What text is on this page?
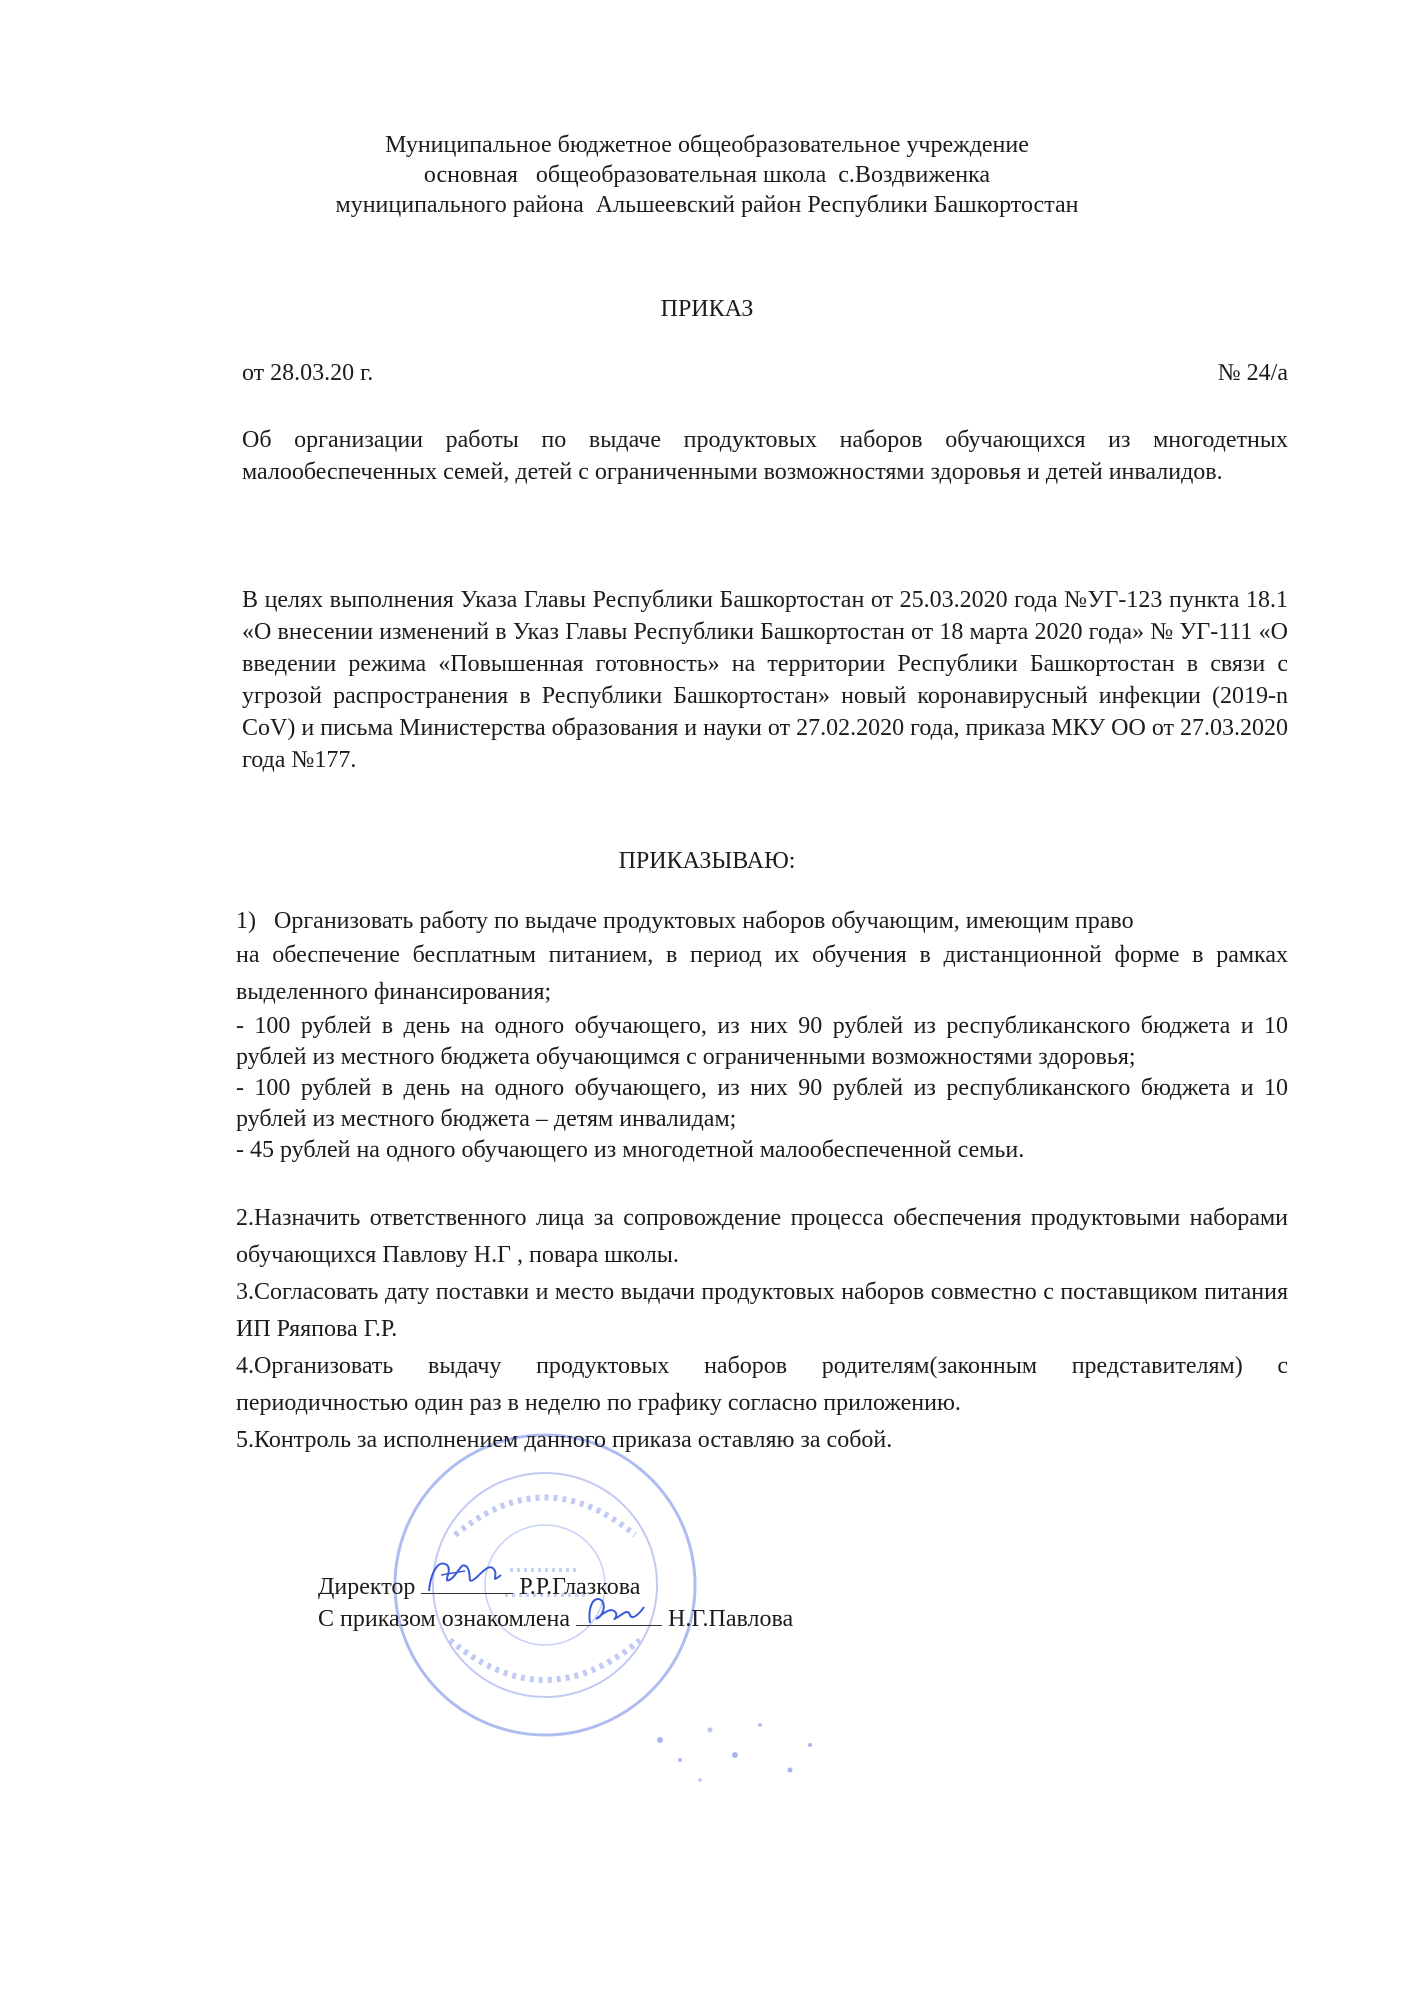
Муниципальное бюджетное общеобразовательное учреждение
основная   общеобразовательная школа  с.Воздвиженка
муниципального района  Альшеевский район Республики Башкортостан
ПРИКАЗ
от 28.03.20 г.	№ 24/а
Об организации работы по выдаче продуктовых наборов обучающихся из многодетных малообеспеченных семей, детей с ограниченными возможностями здоровья и детей инвалидов.
В целях выполнения Указа Главы Республики Башкортостан от 25.03.2020 года №УГ-123 пункта 18.1 «О внесении изменений в Указ Главы Республики Башкортостан от 18 марта 2020 года» № УГ-111 «О введении режима «Повышенная готовность» на территории Республики Башкортостан в связи с угрозой распространения в Республики Башкортостан» новый коронавирусный инфекции (2019-n CoV) и письма Министерства образования и науки от 27.02.2020 года, приказа МКУ ОО от 27.03.2020 года №177.
ПРИКАЗЫВАЮ:

1)   Организовать работу по выдаче продуктовых наборов обучающим, имеющим право

на обеспечение бесплатным питанием, в период их обучения в дистанционной форме в рамках выделенного финансирования;

- 100 рублей в день на одного обучающего, из них 90 рублей из республиканского бюджета и 10 рублей из местного бюджета обучающимся с ограниченными возможностями здоровья;

- 100 рублей в день на одного обучающего, из них 90 рублей из республиканского бюджета и 10 рублей из местного бюджета – детям инвалидам;

- 45 рублей на одного обучающего из многодетной малообеспеченной семьи.

2.Назначить ответственного лица за сопровождение процесса обеспечения продуктовыми наборами обучающихся Павлову Н.Г , повара школы.

3.Согласовать дату поставки и место выдачи продуктовых наборов совместно с поставщиком питания ИП Ряяпова Г.Р.

4.Организовать выдачу продуктовых наборов родителям(законным представителям) с периодичностью один раз в неделю по графику согласно приложению.

5.Контроль за исполнением данного приказа оставляю за собой.

Директор	Р.Р.Глазкова
С приказом ознакомлена	Н.Г.Павлова
